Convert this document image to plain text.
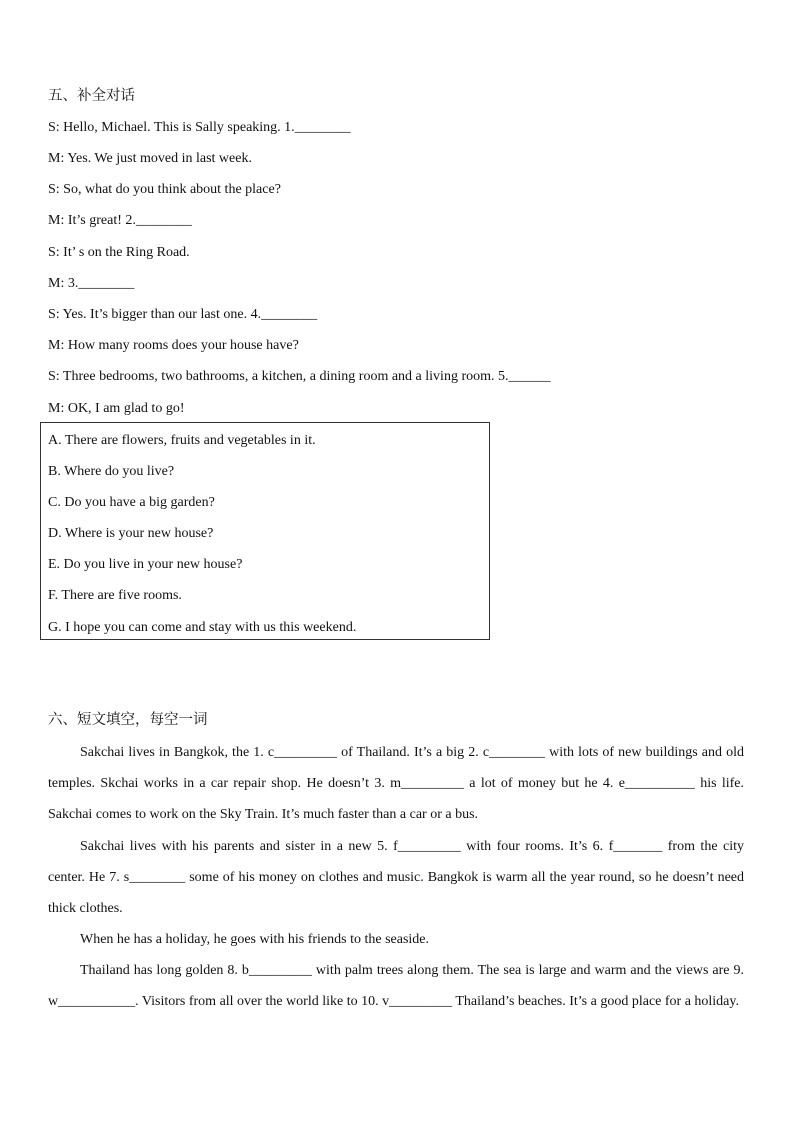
五、补全对话
S: Hello, Michael. This is Sally speaking. 1.________
M: Yes. We just moved in last week.
S: So, what do you think about the place?
M: It’s great! 2.________
S: It’ s on the Ring Road.
M: 3.________
S: Yes. It’s bigger than our last one. 4.________
M: How many rooms does your house have?
S: Three bedrooms, two bathrooms, a kitchen, a dining room and a living room. 5.______
M: OK, I am glad to go!
A. There are flowers, fruits and vegetables in it.
B. Where do you live?
C. Do you have a big garden?
D. Where is your new house?
E. Do you live in your new house?
F. There are five rooms.
G. I hope you can come and stay with us this weekend.
六、短文填空，每空一词

Sakchai lives in Bangkok, the 1. c_________ of Thailand. It’s a big 2. c________ with lots of new buildings and old temples. Skchai works in a car repair shop. He doesn’t 3. m_________ a lot of money but he 4. e__________ his life. Sakchai comes to work on the Sky Train. It’s much faster than a car or a bus.

Sakchai lives with his parents and sister in a new 5. f_________ with four rooms. It’s 6. f_______ from the city center. He 7. s________ some of his money on clothes and music. Bangkok is warm all the year round, so he doesn’t need thick clothes.

When he has a holiday, he goes with his friends to the seaside.

Thailand has long golden 8. b_________ with palm trees along them. The sea is large and warm and the views are 9. w___________. Visitors from all over the world like to 10. v_________ Thailand’s beaches. It’s a good place for a holiday.
